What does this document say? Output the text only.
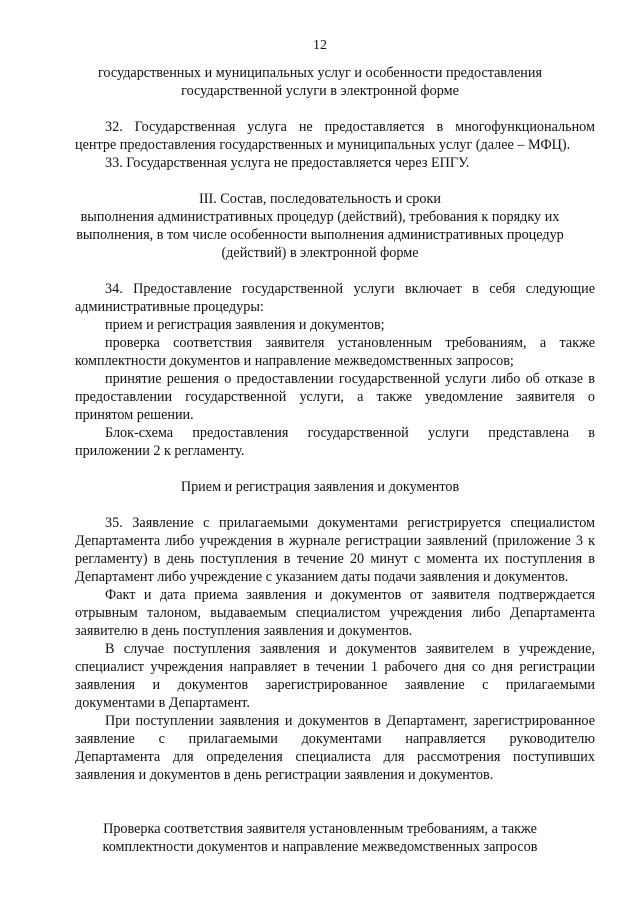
12
государственных и муниципальных услуг и особенности предоставления
государственной услуги в электронной форме
32. Государственная услуга не предоставляется в многофункциональном
центре предоставления государственных и муниципальных услуг (далее – МФЦ).
33. Государственная услуга не предоставляется через ЕПГУ.
III. Состав, последовательность и сроки
выполнения административных процедур (действий), требования к порядку их
выполнения, в том числе особенности выполнения административных процедур
(действий) в электронной форме
34. Предоставление государственной услуги включает в себя следующие
административные процедуры:
прием и регистрация заявления и документов;
проверка соответствия заявителя установленным требованиям, а также
комплектности документов и направление межведомственных запросов;
принятие решения о предоставлении государственной услуги либо об отказе в
предоставлении государственной услуги, а также уведомление заявителя о
принятом решении.
Блок-схема предоставления государственной услуги представлена в
приложении 2 к регламенту.
Прием и регистрация заявления и документов
35. Заявление с прилагаемыми документами регистрируется специалистом
Департамента либо учреждения в журнале регистрации заявлений (приложение 3 к
регламенту) в день поступления в течение 20 минут с момента их поступления в
Департамент либо учреждение с указанием даты подачи заявления и документов.
Факт и дата приема заявления и документов от заявителя подтверждается
отрывным талоном, выдаваемым специалистом учреждения либо Департамента
заявителю в день поступления заявления и документов.
В случае поступления заявления и документов заявителем в учреждение,
специалист учреждения направляет в течении 1 рабочего дня со дня регистрации
заявления и документов зарегистрированное заявление с прилагаемыми
документами в Департамент.
При поступлении заявления и документов в Департамент, зарегистрированное
заявление с прилагаемыми документами направляется руководителю
Департамента для определения специалиста для рассмотрения поступивших
заявления и документов в день регистрации заявления и документов.
Проверка соответствия заявителя установленным требованиям, а также
комплектности документов и направление межведомственных запросов
